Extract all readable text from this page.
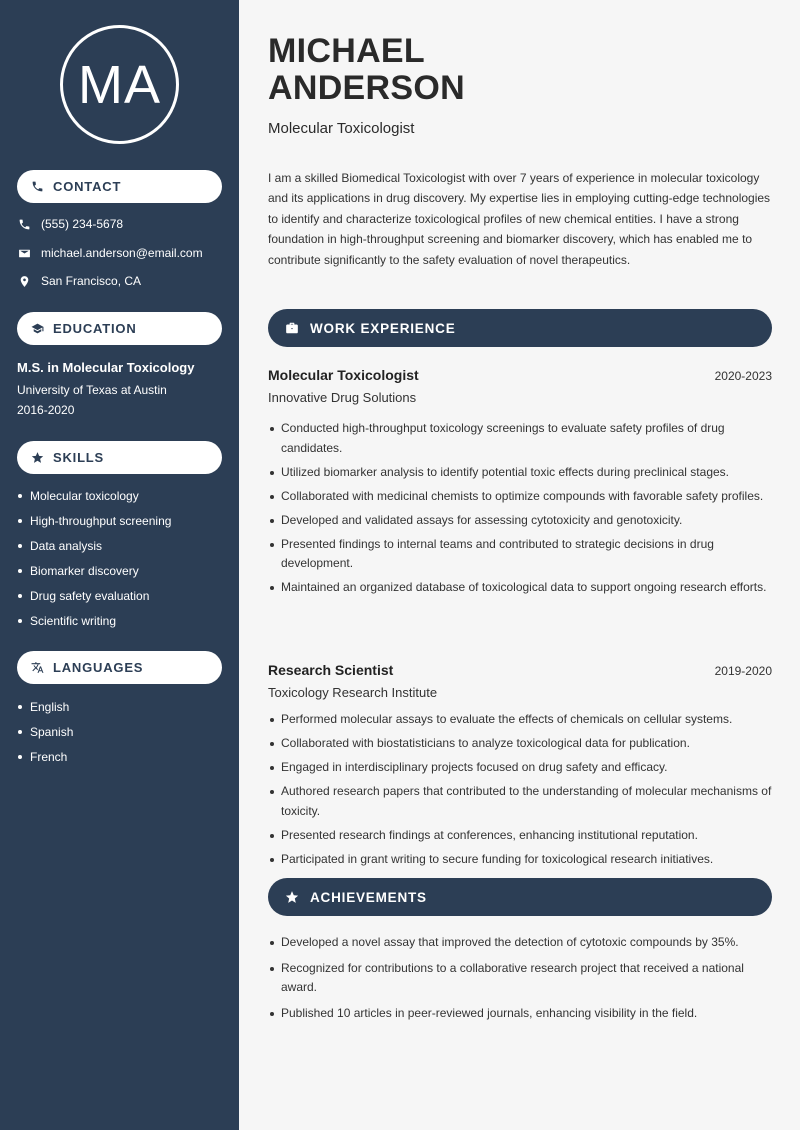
MA
CONTACT
(555) 234-5678
michael.anderson@email.com
San Francisco, CA
EDUCATION
M.S. in Molecular Toxicology
University of Texas at Austin
2016-2020
SKILLS
Molecular toxicology
High-throughput screening
Data analysis
Biomarker discovery
Drug safety evaluation
Scientific writing
LANGUAGES
English
Spanish
French
MICHAEL
ANDERSON
Molecular Toxicologist

I am a skilled Biomedical Toxicologist with over 7 years of experience in molecular toxicology and its applications in drug discovery. My expertise lies in employing cutting-edge technologies to identify and characterize toxicological profiles of new chemical entities. I have a strong foundation in high-throughput screening and biomarker discovery, which has enabled me to contribute significantly to the safety evaluation of novel therapeutics.

WORK EXPERIENCE
Molecular Toxicologist	2020-2023
Innovative Drug Solutions
Conducted high-throughput toxicology screenings to evaluate safety profiles of drug candidates.
Utilized biomarker analysis to identify potential toxic effects during preclinical stages.
Collaborated with medicinal chemists to optimize compounds with favorable safety profiles.
Developed and validated assays for assessing cytotoxicity and genotoxicity.
Presented findings to internal teams and contributed to strategic decisions in drug development.
Maintained an organized database of toxicological data to support ongoing research efforts.
Research Scientist	2019-2020
Toxicology Research Institute
Performed molecular assays to evaluate the effects of chemicals on cellular systems.
Collaborated with biostatisticians to analyze toxicological data for publication.
Engaged in interdisciplinary projects focused on drug safety and efficacy.
Authored research papers that contributed to the understanding of molecular mechanisms of toxicity.
Presented research findings at conferences, enhancing institutional reputation.
Participated in grant writing to secure funding for toxicological research initiatives.
ACHIEVEMENTS
Developed a novel assay that improved the detection of cytotoxic compounds by 35%.
Recognized for contributions to a collaborative research project that received a national award.
Published 10 articles in peer-reviewed journals, enhancing visibility in the field.
